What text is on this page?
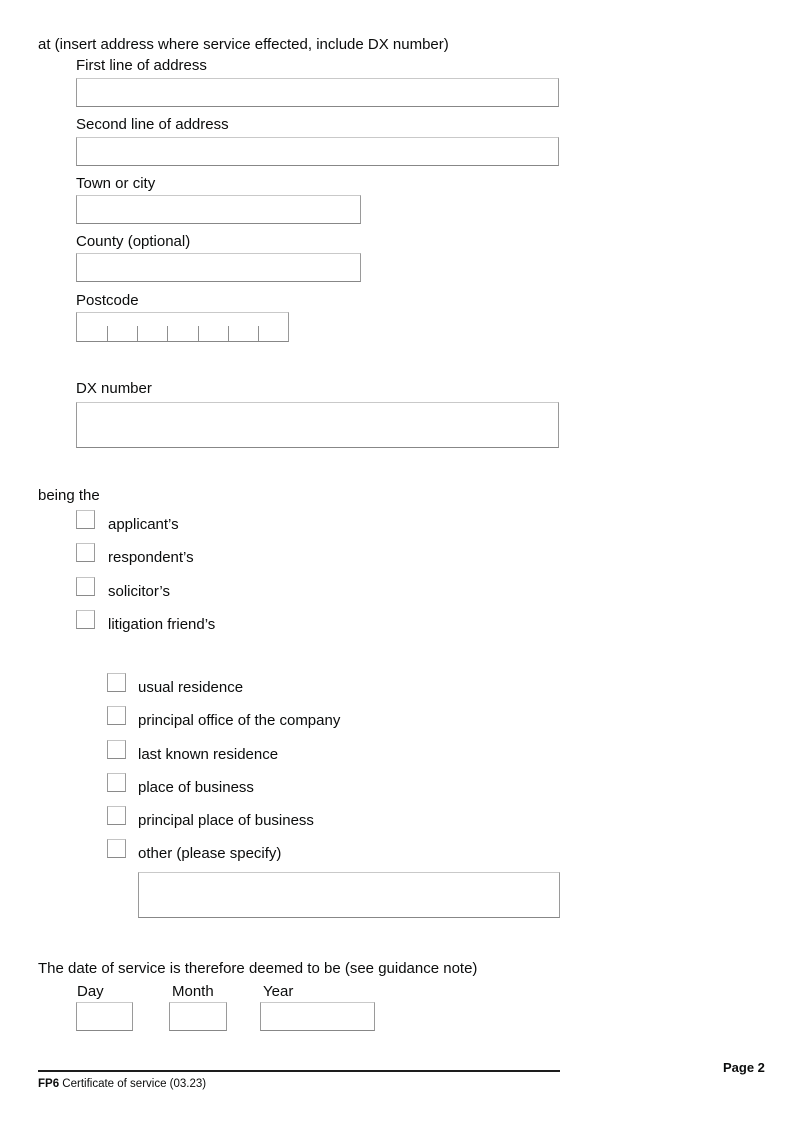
at (insert address where service effected, include DX number)
First line of address
Second line of address
Town or city
County (optional)
Postcode
DX number
being the
applicant’s
respondent’s
solicitor’s
litigation friend’s
usual residence
principal office of the company
last known residence
place of business
principal place of business
other (please specify)
The date of service is therefore deemed to be (see guidance note)
Day	Month	Year
Page 2
FP6 Certificate of service (03.23)
